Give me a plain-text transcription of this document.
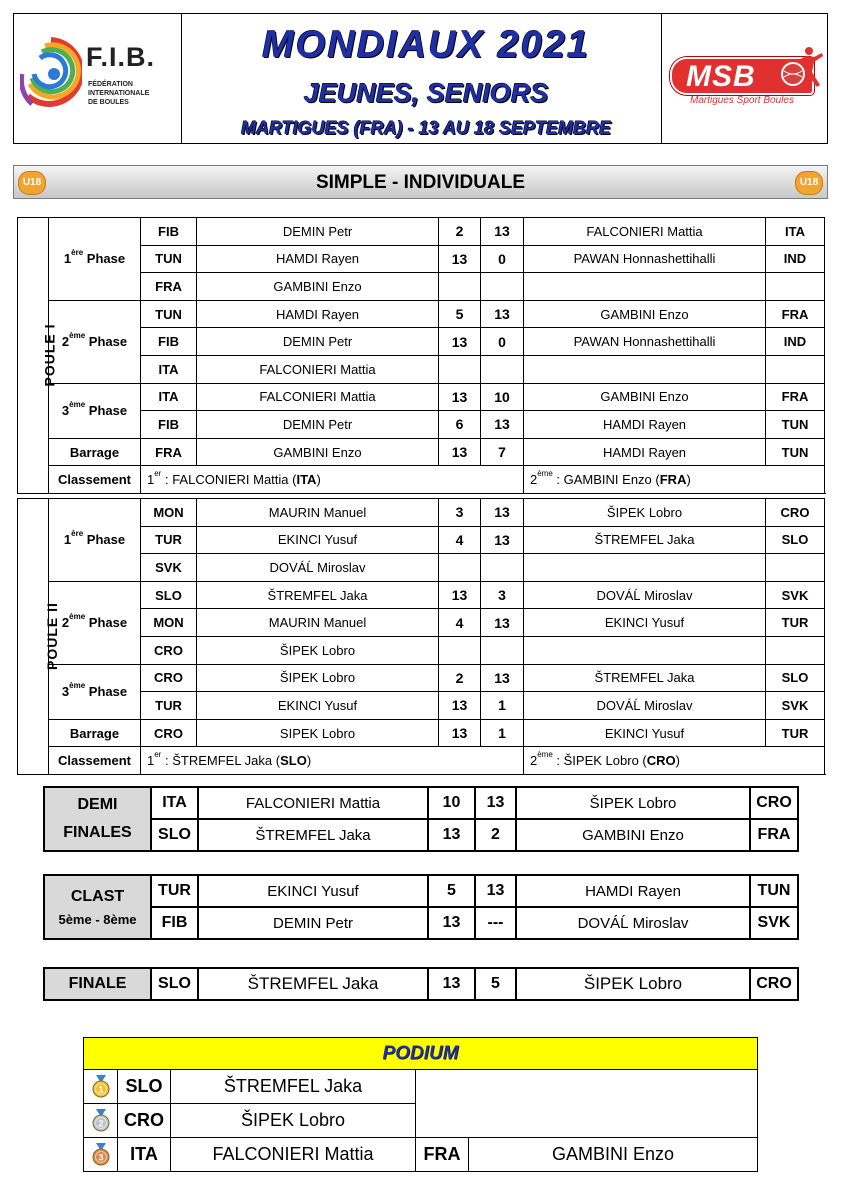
F.I.B.
FÉDÉRATION
INTERNATIONALE
DE BOULES
MONDIAUX 2021
JEUNES, SENIORS
MARTIGUES (FRA) - 13 AU 18 SEPTEMBRE
MSB
Martigues Sport Boules
U18	SIMPLE - INDIVIDUALE	U18
POULE I	1ère Phase	FIB	DEMIN Petr	2	13	FALCONIERI Mattia	ITA
		TUN	HAMDI Rayen	13	0	PAWAN Honnashettihalli	IND
		FRA	GAMBINI Enzo				
	2ème Phase	TUN	HAMDI Rayen	5	13	GAMBINI Enzo	FRA
		FIB	DEMIN Petr	13	0	PAWAN Honnashettihalli	IND
		ITA	FALCONIERI Mattia				
	3ème Phase	ITA	FALCONIERI Mattia	13	10	GAMBINI Enzo	FRA
		FIB	DEMIN Petr	6	13	HAMDI Rayen	TUN
	Barrage	FRA	GAMBINI Enzo	13	7	HAMDI Rayen	TUN
	Classement	1er : FALCONIERI Mattia (ITA)				2ème : GAMBINI Enzo (FRA)	
POULE II	1ère Phase	MON	MAURIN Manuel	3	13	ŠIPEK Lobro	CRO
		TUR	EKINCI Yusuf	4	13	ŠTREMFEL Jaka	SLO
		SVK	DOVÁĹ Miroslav				
	2ème Phase	SLO	ŠTREMFEL Jaka	13	3	DOVÁĹ Miroslav	SVK
		MON	MAURIN Manuel	4	13	EKINCI Yusuf	TUR
		CRO	ŠIPEK Lobro				
	3ème Phase	CRO	ŠIPEK Lobro	2	13	ŠTREMFEL Jaka	SLO
		TUR	EKINCI Yusuf	13	1	DOVÁĹ Miroslav	SVK
	Barrage	CRO	SIPEK Lobro	13	1	EKINCI Yusuf	TUR
	Classement	1er : ŠTREMFEL Jaka (SLO)				2ème : ŠIPEK Lobro (CRO)	
DEMI
FINALES	ITA	FALCONIERI Mattia	10	13	ŠIPEK Lobro	CRO
	SLO	ŠTREMFEL Jaka	13	2	GAMBINI Enzo	FRA
CLAST
5ème - 8ème	TUR	EKINCI Yusuf	5	13	HAMDI Rayen	TUN
	FIB	DEMIN Petr	13	---	DOVÁĹ Miroslav	SVK
FINALE	SLO	ŠTREMFEL Jaka	13	5	ŠIPEK Lobro	CRO
PODIUM				

1	SLO	ŠTREMFEL Jaka		

2	CRO	ŠIPEK Lobro		

3	ITA	FALCONIERI Mattia	FRA	GAMBINI Enzo
